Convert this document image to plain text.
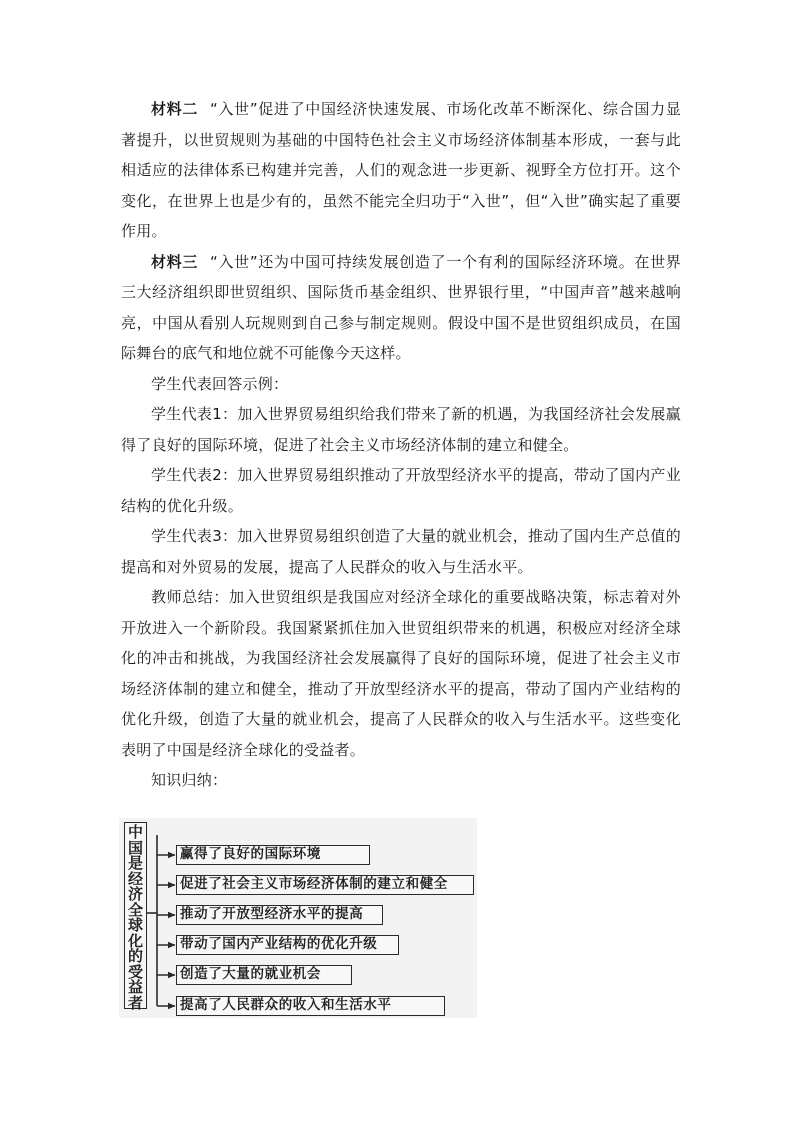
材料二 “入世”促进了中国经济快速发展、市场化改革不断深化、综合国力显著提升，以世贸规则为基础的中国特色社会主义市场经济体制基本形成，一套与此相适应的法律体系已构建并完善，人们的观念进一步更新、视野全方位打开。这个变化，在世界上也是少有的，虽然不能完全归功于“入世”，但“入世”确实起了重要作用。

材料三 “入世”还为中国可持续发展创造了一个有利的国际经济环境。在世界三大经济组织即世贸组织、国际货币基金组织、世界银行里，“中国声音”越来越响亮，中国从看别人玩规则到自己参与制定规则。假设中国不是世贸组织成员，在国际舞台的底气和地位就不可能像今天这样。

学生代表回答示例：

学生代表1：加入世界贸易组织给我们带来了新的机遇，为我国经济社会发展赢得了良好的国际环境，促进了社会主义市场经济体制的建立和健全。

学生代表2：加入世界贸易组织推动了开放型经济水平的提高，带动了国内产业结构的优化升级。

学生代表3：加入世界贸易组织创造了大量的就业机会，推动了国内生产总值的提高和对外贸易的发展，提高了人民群众的收入与生活水平。

教师总结：加入世贸组织是我国应对经济全球化的重要战略决策，标志着对外开放进入一个新阶段。我国紧紧抓住加入世贸组织带来的机遇，积极应对经济全球化的冲击和挑战，为我国经济社会发展赢得了良好的国际环境，促进了社会主义市场经济体制的建立和健全，推动了开放型经济水平的提高，带动了国内产业结构的优化升级，创造了大量的就业机会，提高了人民群众的收入与生活水平。这些变化表明了中国是经济全球化的受益者。

知识归纳：

中
国
是
经
济
全
球
化
的
受
益
者
赢得了良好的国际环境
促进了社会主义市场经济体制的建立和健全
推动了开放型经济水平的提高
带动了国内产业结构的优化升级
创造了大量的就业机会
提高了人民群众的收入和生活水平
